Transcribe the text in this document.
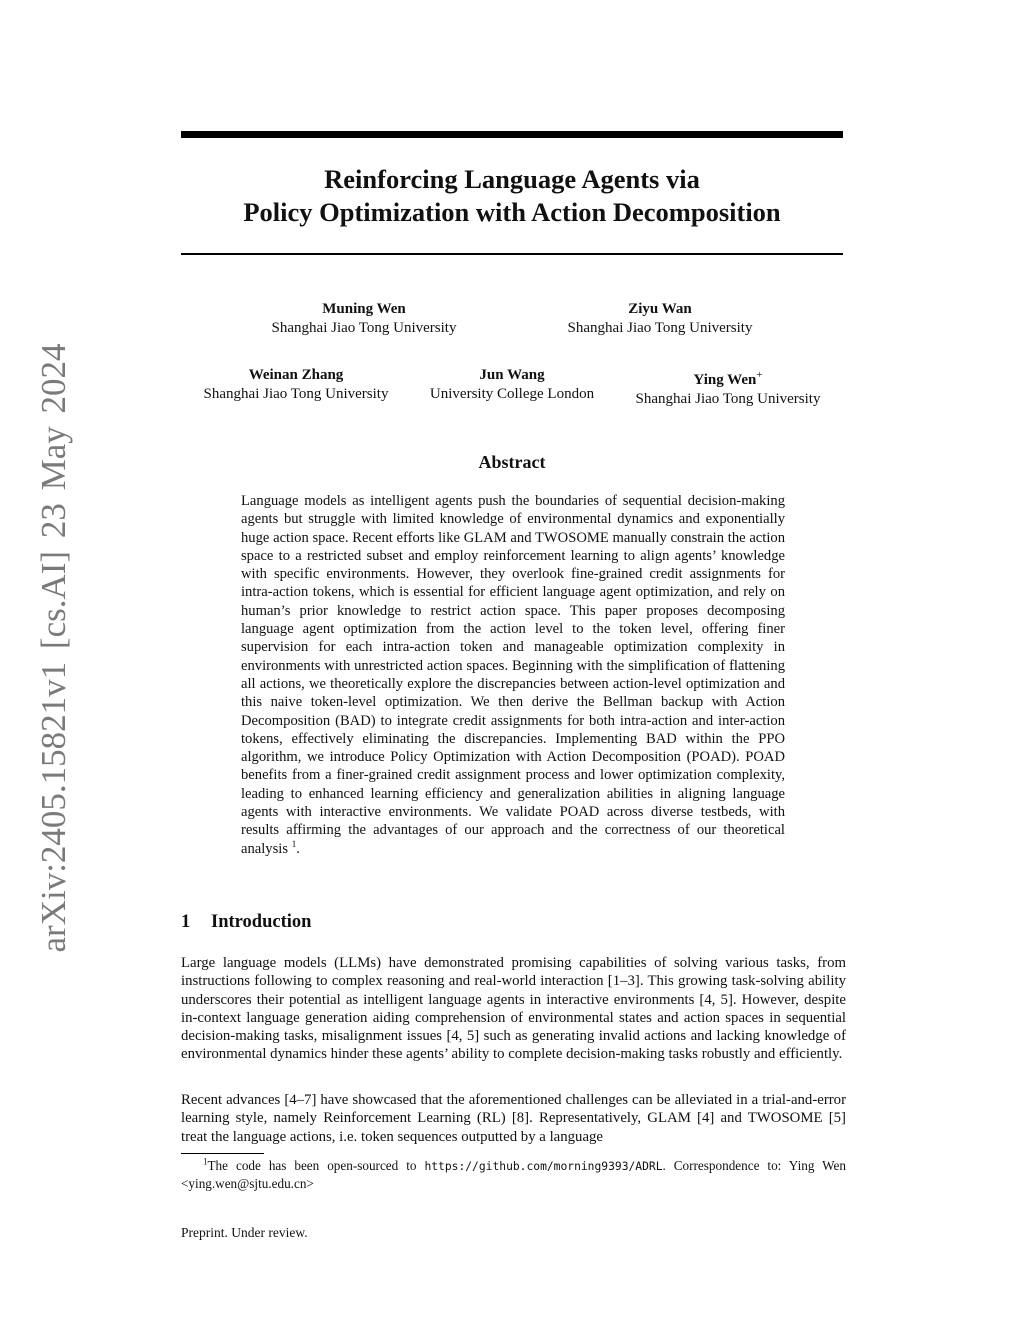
arXiv:2405.15821v1 [cs.AI] 23 May 2024
Reinforcing Language Agents via
Policy Optimization with Action Decomposition
Muning Wen
Shanghai Jiao Tong University
Ziyu Wan
Shanghai Jiao Tong University
Weinan Zhang
Shanghai Jiao Tong University
Jun Wang
University College London
Ying Wen+
Shanghai Jiao Tong University
Abstract

Language models as intelligent agents push the boundaries of sequential decision-making agents but struggle with limited knowledge of environmental dynamics and exponentially huge action space. Recent efforts like GLAM and TWOSOME manually constrain the action space to a restricted subset and employ reinforcement learning to align agents’ knowledge with specific environments. However, they overlook fine-grained credit assignments for intra-action tokens, which is essential for efficient language agent optimization, and rely on human’s prior knowledge to restrict action space. This paper proposes decomposing language agent optimization from the action level to the token level, offering finer supervision for each intra-action token and manageable optimization complexity in environments with unrestricted action spaces. Beginning with the simplification of flattening all actions, we theoretically explore the discrepancies between action-level optimization and this naive token-level optimization. We then derive the Bellman backup with Action Decomposition (BAD) to integrate credit assignments for both intra-action and inter-action tokens, effectively eliminating the discrepancies. Implementing BAD within the PPO algorithm, we introduce Policy Optimization with Action Decomposition (POAD). POAD benefits from a finer-grained credit assignment process and lower optimization complexity, leading to enhanced learning efficiency and generalization abilities in aligning language agents with interactive environments. We validate POAD across diverse testbeds, with results affirming the advantages of our approach and the correctness of our theoretical analysis $^1$.

1 Introduction

Large language models (LLMs) have demonstrated promising capabilities of solving various tasks, from instructions following to complex reasoning and real-world interaction [1–3]. This growing task-solving ability underscores their potential as intelligent language agents in interactive environments [4, 5]. However, despite in-context language generation aiding comprehension of environmental states and action spaces in sequential decision-making tasks, misalignment issues [4, 5] such as generating invalid actions and lacking knowledge of environmental dynamics hinder these agents’ ability to complete decision-making tasks robustly and efficiently.

Recent advances [4–7] have showcased that the aforementioned challenges can be alleviated in a trial-and-error learning style, namely Reinforcement Learning (RL) [8]. Representatively, GLAM [4] and TWOSOME [5] treat the language actions, i.e. token sequences outputted by a language

$^1$The code has been open-sourced to https://github.com/morning9393/ADRL. Correspondence to: Ying Wen <ying.wen@sjtu.edu.cn>

Preprint. Under review.
